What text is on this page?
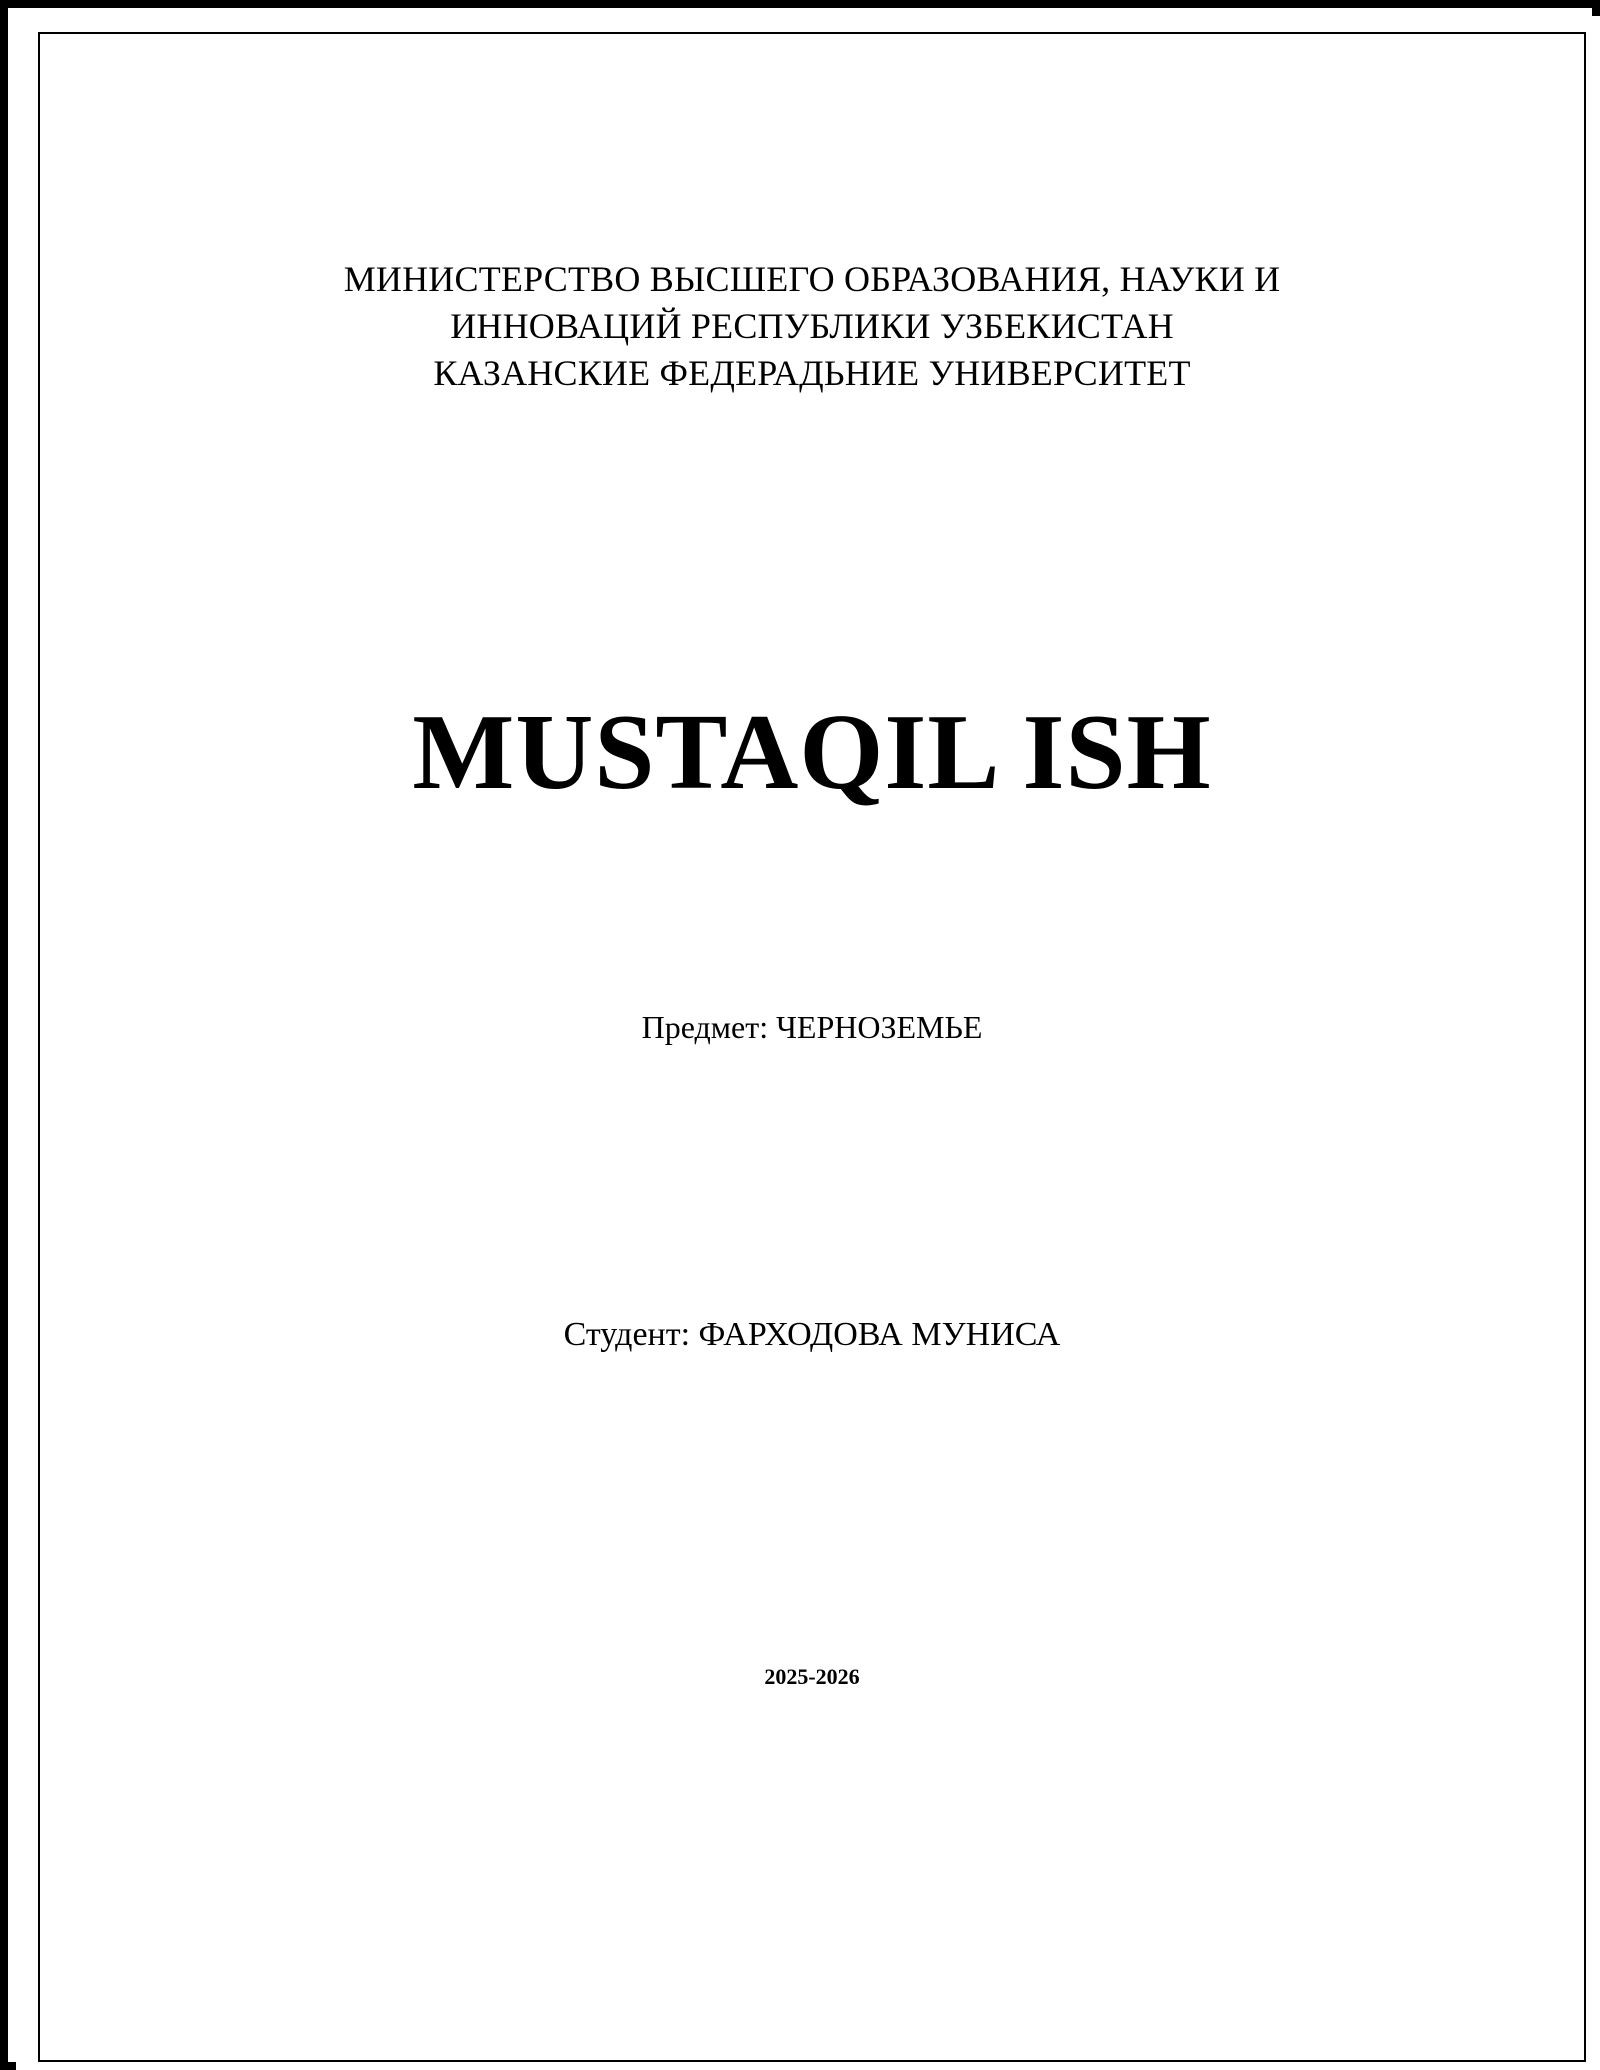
МИНИСТЕРСТВО ВЫСШЕГО ОБРАЗОВАНИЯ, НАУКИ И
ИННОВАЦИЙ РЕСПУБЛИКИ УЗБЕКИСТАН
КАЗАНСКИЕ ФЕДЕРАДЬНИЕ УНИВЕРСИТЕТ
MUSTAQIL ISH
Предмет: ЧЕРНОЗЕМЬЕ
Студент: ФАРХОДОВА МУНИСА
2025-2026
